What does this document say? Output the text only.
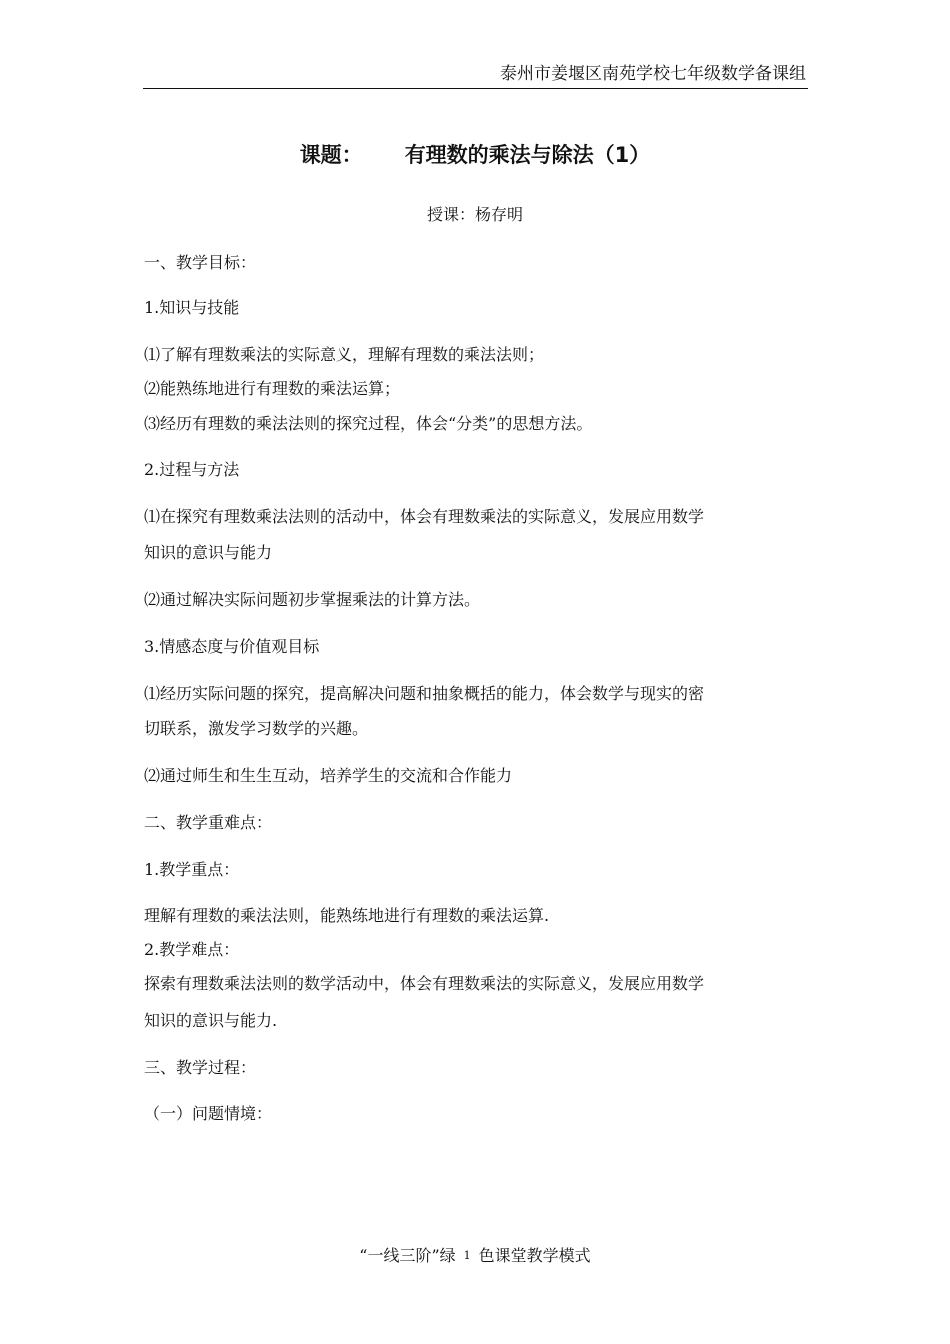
泰州市姜堰区南苑学校七年级数学备课组
课题： 有理数的乘法与除法（1）
授课：杨存明
一、教学目标：
1.知识与技能
⑴了解有理数乘法的实际意义，理解有理数的乘法法则；
⑵能熟练地进行有理数的乘法运算；
⑶经历有理数的乘法法则的探究过程，体会“分类”的思想方法。
2.过程与方法
⑴在探究有理数乘法法则的活动中，体会有理数乘法的实际意义，发展应用数学
知识的意识与能力
⑵通过解决实际问题初步掌握乘法的计算方法。
3.情感态度与价值观目标
⑴经历实际问题的探究，提高解决问题和抽象概括的能力，体会数学与现实的密
切联系，激发学习数学的兴趣。
⑵通过师生和生生互动，培养学生的交流和合作能力
二、教学重难点：
1.教学重点：
理解有理数的乘法法则，能熟练地进行有理数的乘法运算.
2.教学难点：
探索有理数乘法法则的数学活动中，体会有理数乘法的实际意义，发展应用数学
知识的意识与能力.
三、教学过程：
（一）问题情境：
“一线三阶”绿 1 色课堂教学模式
